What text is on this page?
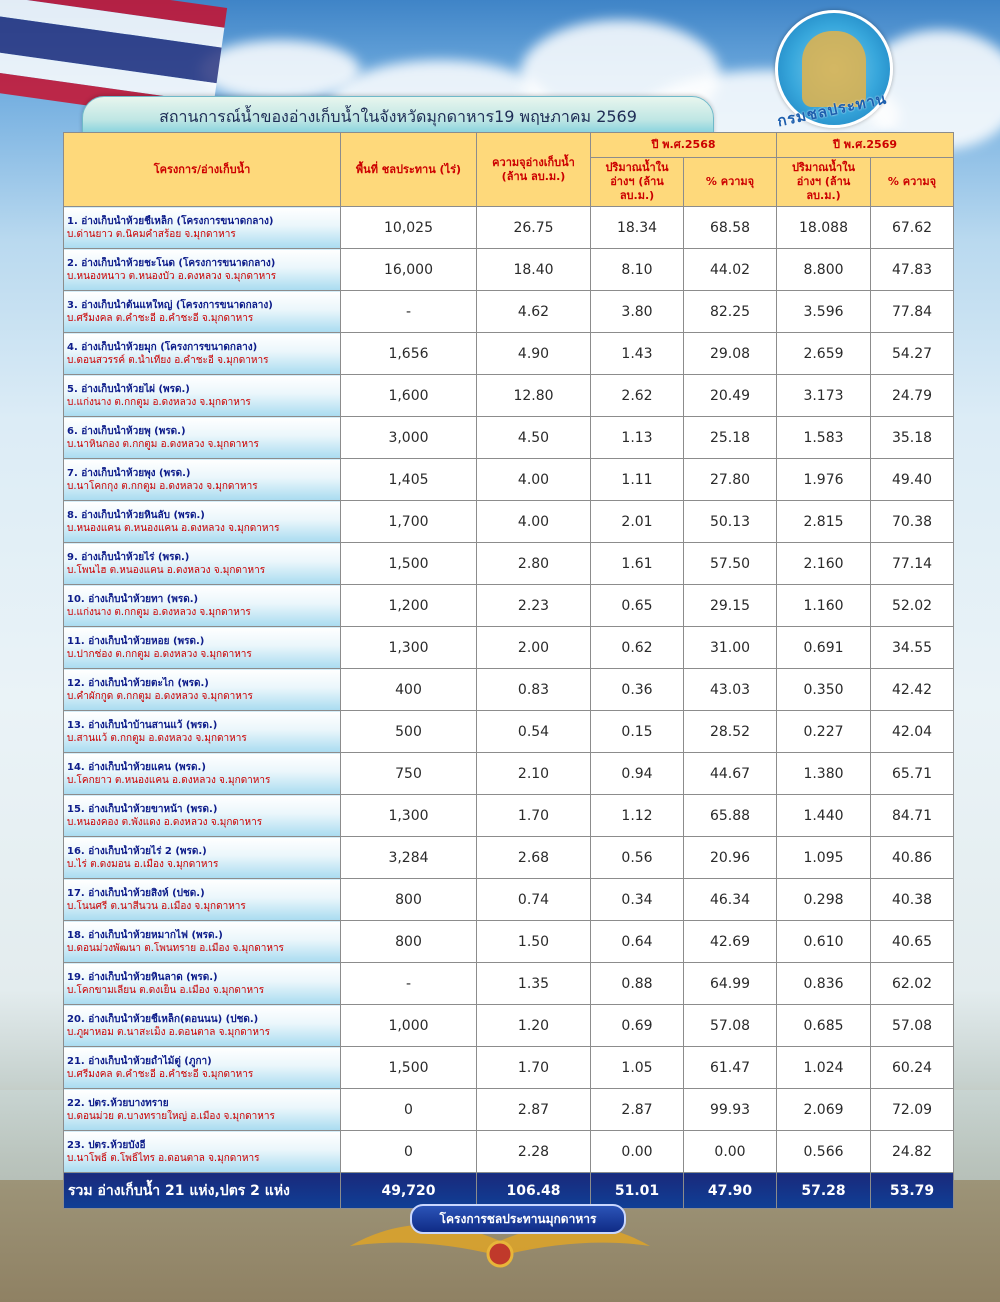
กรมชลประทาน
สถานการณ์น้ำของอ่างเก็บน้ำในจังหวัดมุกดาหาร19 พฤษภาคม 2569
โครงการ/อ่างเก็บน้ำ	พื้นที่ ชลประทาน (ไร่)	ความจุอ่างเก็บน้ำ (ล้าน ลบ.ม.)	ปี พ.ศ.2568		ปี พ.ศ.2569	
			ปริมาณน้ำใน อ่างฯ (ล้าน ลบ.ม.)	% ความจุ	ปริมาณน้ำใน อ่างฯ (ล้าน ลบ.ม.)	% ความจุ

1. อ่างเก็บน้ำห้วยชี้เหล็ก (โครงการขนาดกลาง)
บ.ด่านยาว ต.นิคมคำสร้อย จ.มุกดาหาร	10,025	26.75	18.34	68.58	18.088	67.62

2. อ่างเก็บน้ำห้วยชะโนด (โครงการขนาดกลาง)
บ.หนองหนาว ต.หนองบัว อ.ดงหลวง จ.มุกดาหาร	16,000	18.40	8.10	44.02	8.800	47.83

3. อ่างเก็บน้ำต้นแหใหญ่ (โครงการขนาดกลาง)
บ.ศรีมงคล ต.คำชะอี อ.คำชะอี จ.มุกดาหาร	-	4.62	3.80	82.25	3.596	77.84

4. อ่างเก็บน้ำห้วยมุก (โครงการขนาดกลาง)
บ.ดอนสวรรค์ ต.น้ำเที่ยง อ.คำชะอี จ.มุกดาหาร	1,656	4.90	1.43	29.08	2.659	54.27

5. อ่างเก็บน้ำห้วยไผ่ (พรด.)
บ.แก่งนาง ต.กกตูม อ.ดงหลวง จ.มุกดาหาร	1,600	12.80	2.62	20.49	3.173	24.79

6. อ่างเก็บน้ำห้วยพุ (พรด.)
บ.นาหินกอง ต.กกตูม อ.ดงหลวง จ.มุกดาหาร	3,000	4.50	1.13	25.18	1.583	35.18

7. อ่างเก็บน้ำห้วยพุง (พรด.)
บ.นาโคกกุง ต.กกตูม อ.ดงหลวง จ.มุกดาหาร	1,405	4.00	1.11	27.80	1.976	49.40

8. อ่างเก็บน้ำห้วยหินลับ (พรด.)
บ.หนองแคน ต.หนองแคน อ.ดงหลวง จ.มุกดาหาร	1,700	4.00	2.01	50.13	2.815	70.38

9. อ่างเก็บน้ำห้วยไร่ (พรด.)
บ.โพนไฮ ต.หนองแคน อ.ดงหลวง จ.มุกดาหาร	1,500	2.80	1.61	57.50	2.160	77.14

10. อ่างเก็บน้ำห้วยทา (พรด.)
บ.แก่งนาง ต.กกตูม อ.ดงหลวง จ.มุกดาหาร	1,200	2.23	0.65	29.15	1.160	52.02

11. อ่างเก็บน้ำห้วยหอย (พรด.)
บ.ปากช่อง ต.กกตูม อ.ดงหลวง จ.มุกดาหาร	1,300	2.00	0.62	31.00	0.691	34.55

12. อ่างเก็บน้ำห้วยตะไก (พรด.)
บ.คำผักกูด ต.กกตูม อ.ดงหลวง จ.มุกดาหาร	400	0.83	0.36	43.03	0.350	42.42

13. อ่างเก็บน้ำบ้านสานแว้ (พรด.)
บ.สานแว้ ต.กกตูม อ.ดงหลวง จ.มุกดาหาร	500	0.54	0.15	28.52	0.227	42.04

14. อ่างเก็บน้ำห้วยแคน (พรด.)
บ.โคกยาว ต.หนองแคน อ.ดงหลวง จ.มุกดาหาร	750	2.10	0.94	44.67	1.380	65.71

15. อ่างเก็บน้ำห้วยขาหน้า (พรด.)
บ.หนองคอง ต.พังแดง อ.ดงหลวง จ.มุกดาหาร	1,300	1.70	1.12	65.88	1.440	84.71

16. อ่างเก็บน้ำห้วยไร่ 2 (พรด.)
บ.ไร่ ต.ดงมอน อ.เมือง จ.มุกดาหาร	3,284	2.68	0.56	20.96	1.095	40.86

17. อ่างเก็บน้ำห้วยสิงห์ (ปชด.)
บ.โนนศรี ต.นาสีนวน อ.เมือง จ.มุกดาหาร	800	0.74	0.34	46.34	0.298	40.38

18. อ่างเก็บน้ำห้วยหมากไฟ (พรด.)
บ.ดอนม่วงพัฒนา ต.โพนทราย อ.เมือง จ.มุกดาหาร	800	1.50	0.64	42.69	0.610	40.65

19. อ่างเก็บน้ำห้วยหินลาด (พรด.)
บ.โคกขามเลียน ต.ดงเย็น อ.เมือง จ.มุกดาหาร	-	1.35	0.88	64.99	0.836	62.02

20. อ่างเก็บน้ำห้วยชี้เหล็ก(ดอนนน) (ปชด.)
บ.ภูผาหอม ต.นาสะเม็ง อ.ดอนตาล จ.มุกดาหาร	1,000	1.20	0.69	57.08	0.685	57.08

21. อ่างเก็บน้ำห้วยถ้ำไม้ตู่ (ภูกา)
บ.ศรีมงคล ต.คำชะอี อ.คำชะอี จ.มุกดาหาร	1,500	1.70	1.05	61.47	1.024	60.24

22. ปตร.ห้วยบางทราย
บ.ดอนม่วย ต.บางทรายใหญ่ อ.เมือง จ.มุกดาหาร	0	2.87	2.87	99.93	2.069	72.09

23. ปตร.ห้วยบังอี่
บ.นาโพธิ์ ต.โพธิ์ไทร อ.ดอนตาล จ.มุกดาหาร	0	2.28	0.00	0.00	0.566	24.82
รวม อ่างเก็บน้ำ 21 แห่ง,ปตร 2 แห่ง	49,720	106.48	51.01	47.90	57.28	53.79
โครงการชลประทานมุกดาหาร
